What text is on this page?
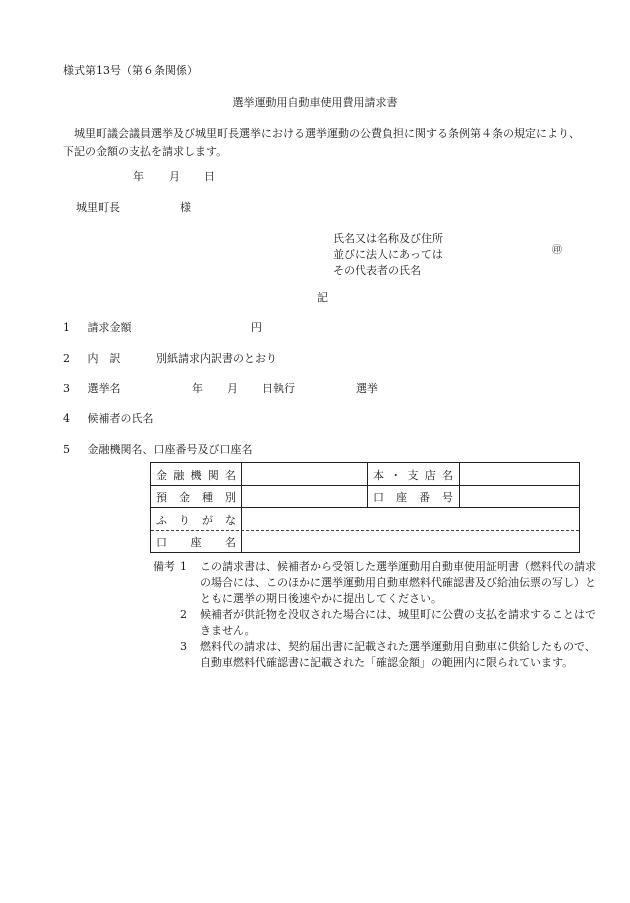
様式第13号（第６条関係）
選挙運動用自動車使用費用請求書
城里町議会議員選挙及び城里町長選挙における選挙運動の公費負担に関する条例第４条の規定により、下記の金額の支払を請求します。
年 月 日
城里町長	様
氏名又は名称及び住所
並びに法人にあっては
その代表者の氏名
㊞
記
1 請求金額	円
2 内　訳	別紙請求内訳書のとおり
3 選挙名	年 月 日執行	選挙
4 候補者の氏名
5 金融機関名、口座番号及び口座名
金 融 機 関 名	本 ・ 支 店 名
預 金 種 別	口 座 番 号
ふ り が な
口 座 名
備考 1	この請求書は、候補者から受領した選挙運動用自動車使用証明書（燃料代の請求の場合には、このほかに選挙運動用自動車燃料代確認書及び給油伝票の写し）とともに選挙の期日後速やかに提出してください。
2	候補者が供託物を没収された場合には、城里町に公費の支払を請求することはできません。
3	燃料代の請求は、契約届出書に記載された選挙運動用自動車に供給したもので、自動車燃料代確認書に記載された「確認金額」の範囲内に限られています。
